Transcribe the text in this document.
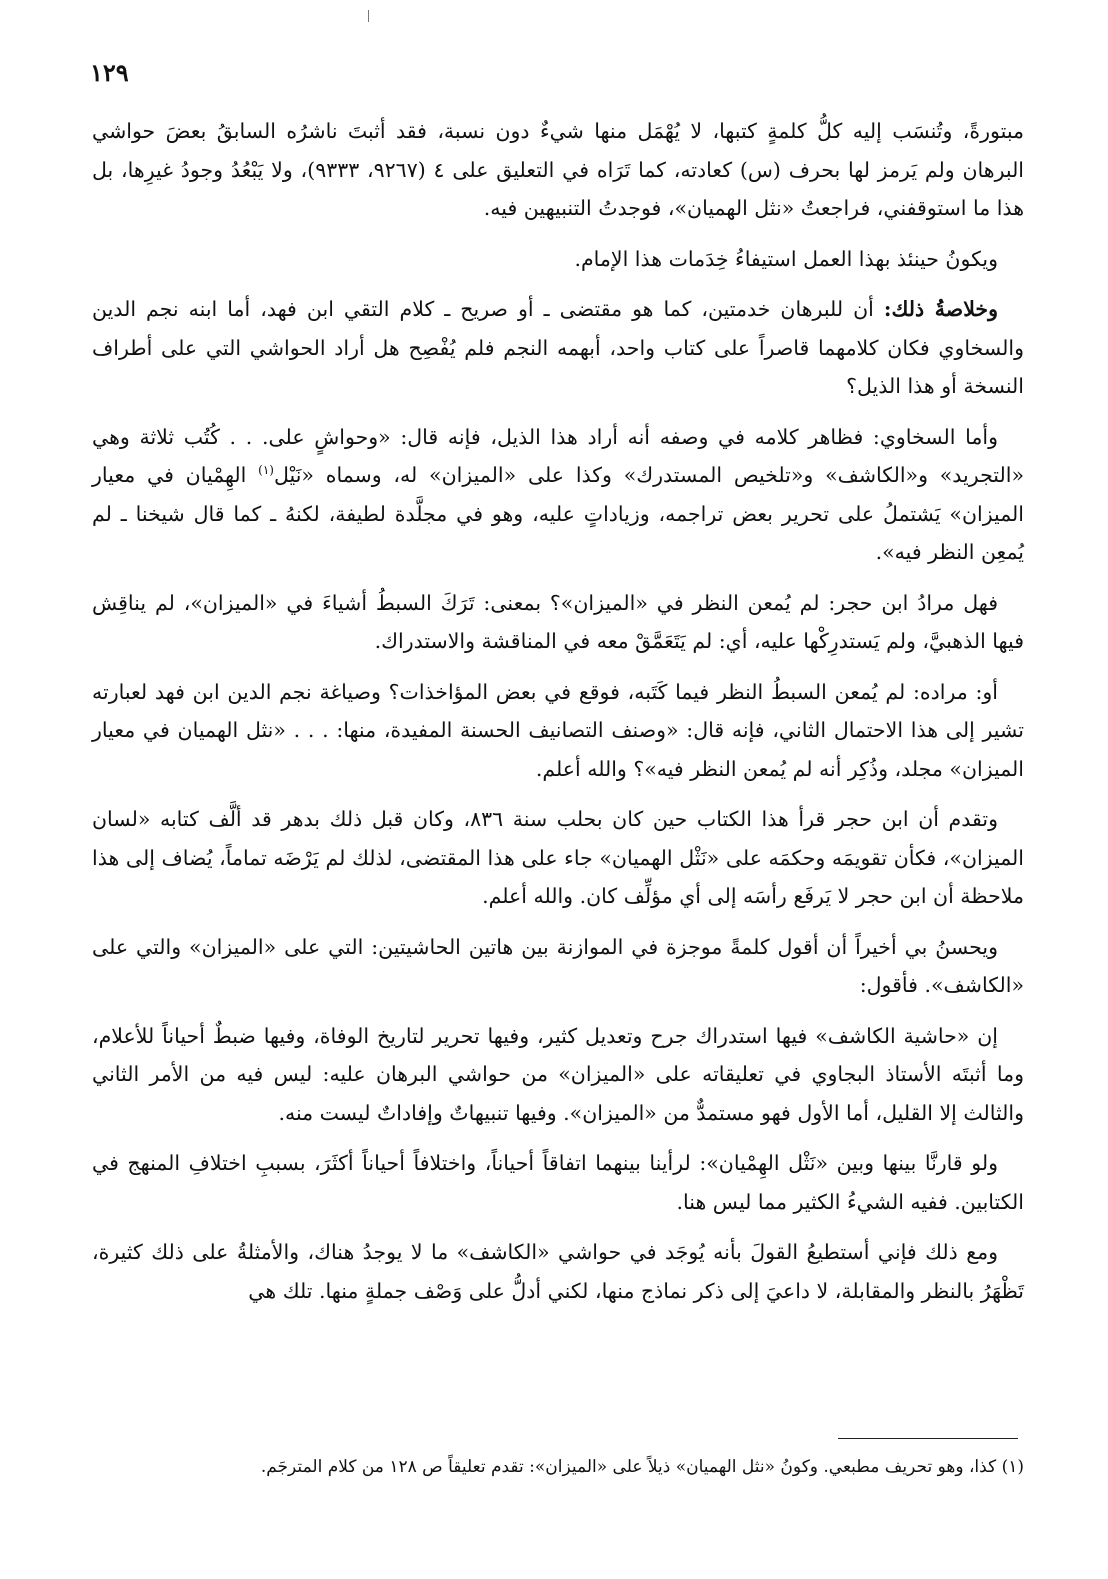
١٢٩

مبتورةً، وتُنسَب إليه كلُّ كلمةٍ كتبها، لا يُهْمَل منها شيءٌ دون نسبة، فقد أثبتَ ناشرُه السابقُ بعضَ حواشي البرهان ولم يَرمز لها بحرف (س) كعادته، كما تَرَاه في التعليق على ٤ (٩٢٦٧، ٩٣٣٣)، ولا يَبْعُدُ وجودُ غيرِها، بل هذا ما استوقفني، فراجعتُ «نثل الهميان»، فوجدتُ التنبيهين فيه.

ويكونُ حينئذ بهذا العمل استيفاءُ خِدَمات هذا الإمام.

وخلاصةُ ذلك: أن للبرهان خدمتين، كما هو مقتضى ـ أو صريح ـ كلام التقي ابن فهد، أما ابنه نجم الدين والسخاوي فكان كلامهما قاصراً على كتاب واحد، أبهمه النجم فلم يُفْصِح هل أراد الحواشي التي على أطراف النسخة أو هذا الذيل؟

وأما السخاوي: فظاهر كلامه في وصفه أنه أراد هذا الذيل، فإنه قال: «وحواشٍ على. . . كُتُب ثلاثة وهي «التجريد» و«الكاشف» و«تلخيص المستدرك» وكذا على «الميزان» له، وسماه «نَيْل$^{(١)}$ الهِمْيان في معيار الميزان» يَشتملُ على تحرير بعض تراجمه، وزياداتٍ عليه، وهو في مجلَّدة لطيفة، لكنهُ ـ كما قال شيخنا ـ لم يُمعِن النظر فيه».

فهل مرادُ ابن حجر: لم يُمعن النظر في «الميزان»؟ بمعنى: تَرَكَ السبطُ أشياءَ في «الميزان»، لم يناقِش فيها الذهبيَّ، ولم يَستدرِكْها عليه، أي: لم يَتَعَمَّقْ معه في المناقشة والاستدراك.

أو: مراده: لم يُمعن السبطُ النظر فيما كَتَبه، فوقع في بعض المؤاخذات؟ وصياغة نجم الدين ابن فهد لعبارته تشير إلى هذا الاحتمال الثاني، فإنه قال: «وصنف التصانيف الحسنة المفيدة، منها: . . . «نثل الهميان في معيار الميزان» مجلد، وذُكِر أنه لم يُمعن النظر فيه»؟ والله أعلم.

وتقدم أن ابن حجر قرأ هذا الكتاب حين كان بحلب سنة ٨٣٦، وكان قبل ذلك بدهر قد ألَّف كتابه «لسان الميزان»، فكأن تقويمَه وحكمَه على «نَثْل الهميان» جاء على هذا المقتضى، لذلك لم يَرْضَه تماماً، يُضاف إلى هذا ملاحظة أن ابن حجر لا يَرفَع رأسَه إلى أي مؤلِّف كان. والله أعلم.

ويحسنُ بي أخيراً أن أقول كلمةً موجزة في الموازنة بين هاتين الحاشيتين: التي على «الميزان» والتي على «الكاشف». فأقول:

إن «حاشية الكاشف» فيها استدراك جرح وتعديل كثير، وفيها تحرير لتاريخ الوفاة، وفيها ضبطٌ أحياناً للأعلام، وما أثبتَه الأستاذ البجاوي في تعليقاته على «الميزان» من حواشي البرهان عليه: ليس فيه من الأمر الثاني والثالث إلا القليل، أما الأول فهو مستمدٌّ من «الميزان». وفيها تنبيهاتٌ وإفاداتٌ ليست منه.

ولو قارنَّا بينها وبين «نَثْل الهِمْيان»: لرأينا بينهما اتفاقاً أحياناً، واختلافاً أحياناً أكثَرَ، بسببِ اختلافِ المنهج في الكتابين. ففيه الشيءُ الكثير مما ليس هنا.

ومع ذلك فإني أستطيعُ القولَ بأنه يُوجَد في حواشي «الكاشف» ما لا يوجدُ هناك، والأمثلةُ على ذلك كثيرة، تَظْهَرُ بالنظر والمقابلة، لا داعيَ إلى ذكر نماذج منها، لكني أدلُّ على وَصْف جملةٍ منها. تلك هي

(١) كذا، وهو تحريف مطبعي. وكونُ «نثل الهميان» ذيلاً على «الميزان»: تقدم تعليقاً ص ١٢٨ من كلام المترجَم.
